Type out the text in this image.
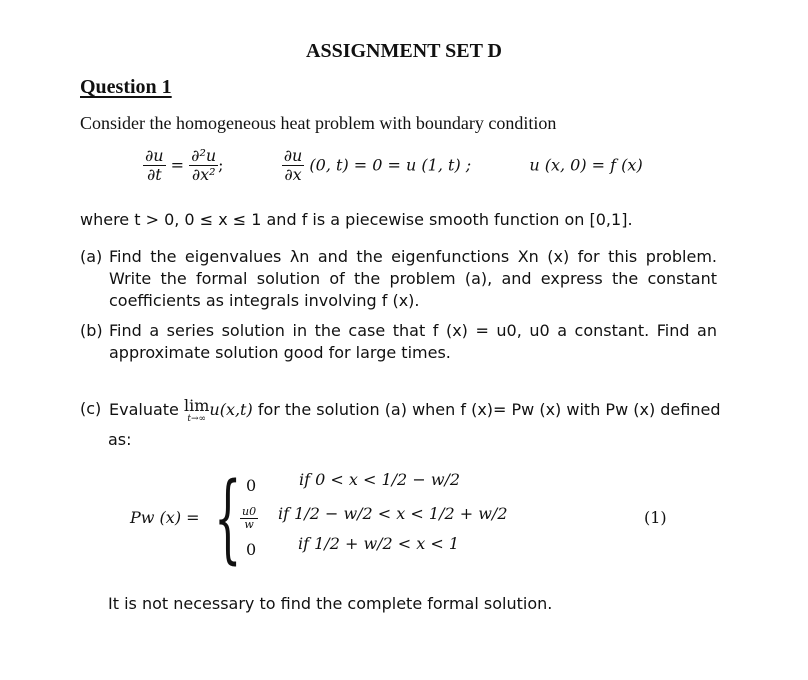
ASSIGNMENT SET D
Question 1
Consider the homogeneous heat problem with boundary condition
$\frac{\partial u}{\partial t} = \frac{\text{∂²u}}{\text{∂x²}}$ ;	$\frac{\partial u}{\partial x} (0$, t) = 0 = u (1, t) ;	u (x, 0) = f (x)
where t > 0, 0 ≤ x ≤ 1 and f is a piecewise smooth function on [0,1].
(a) Find the eigenvalues λn and the eigenfunctions Xn (x) for this problem.
Write the formal solution of the problem (a), and express the constant
coefficients as integrals involving f (x).
(b) Find a series solution in the case that f (x) = u0, u0 a constant. Find an
approximate solution good for large times.
(c) Evaluate lim
t→∞ u(x,t) for the solution (a) when f (x)= Pw (x) with Pw (x) defined
as:
Pw (x) = { 0	if 0 < x < 1/2 − w/2
$\frac{u0}{w}$ if 1/2 − w/2 < x < 1/2 + w/2
0	if 1/2 + w/2 < x < 1
(1)
It is not necessary to find the complete formal solution.
